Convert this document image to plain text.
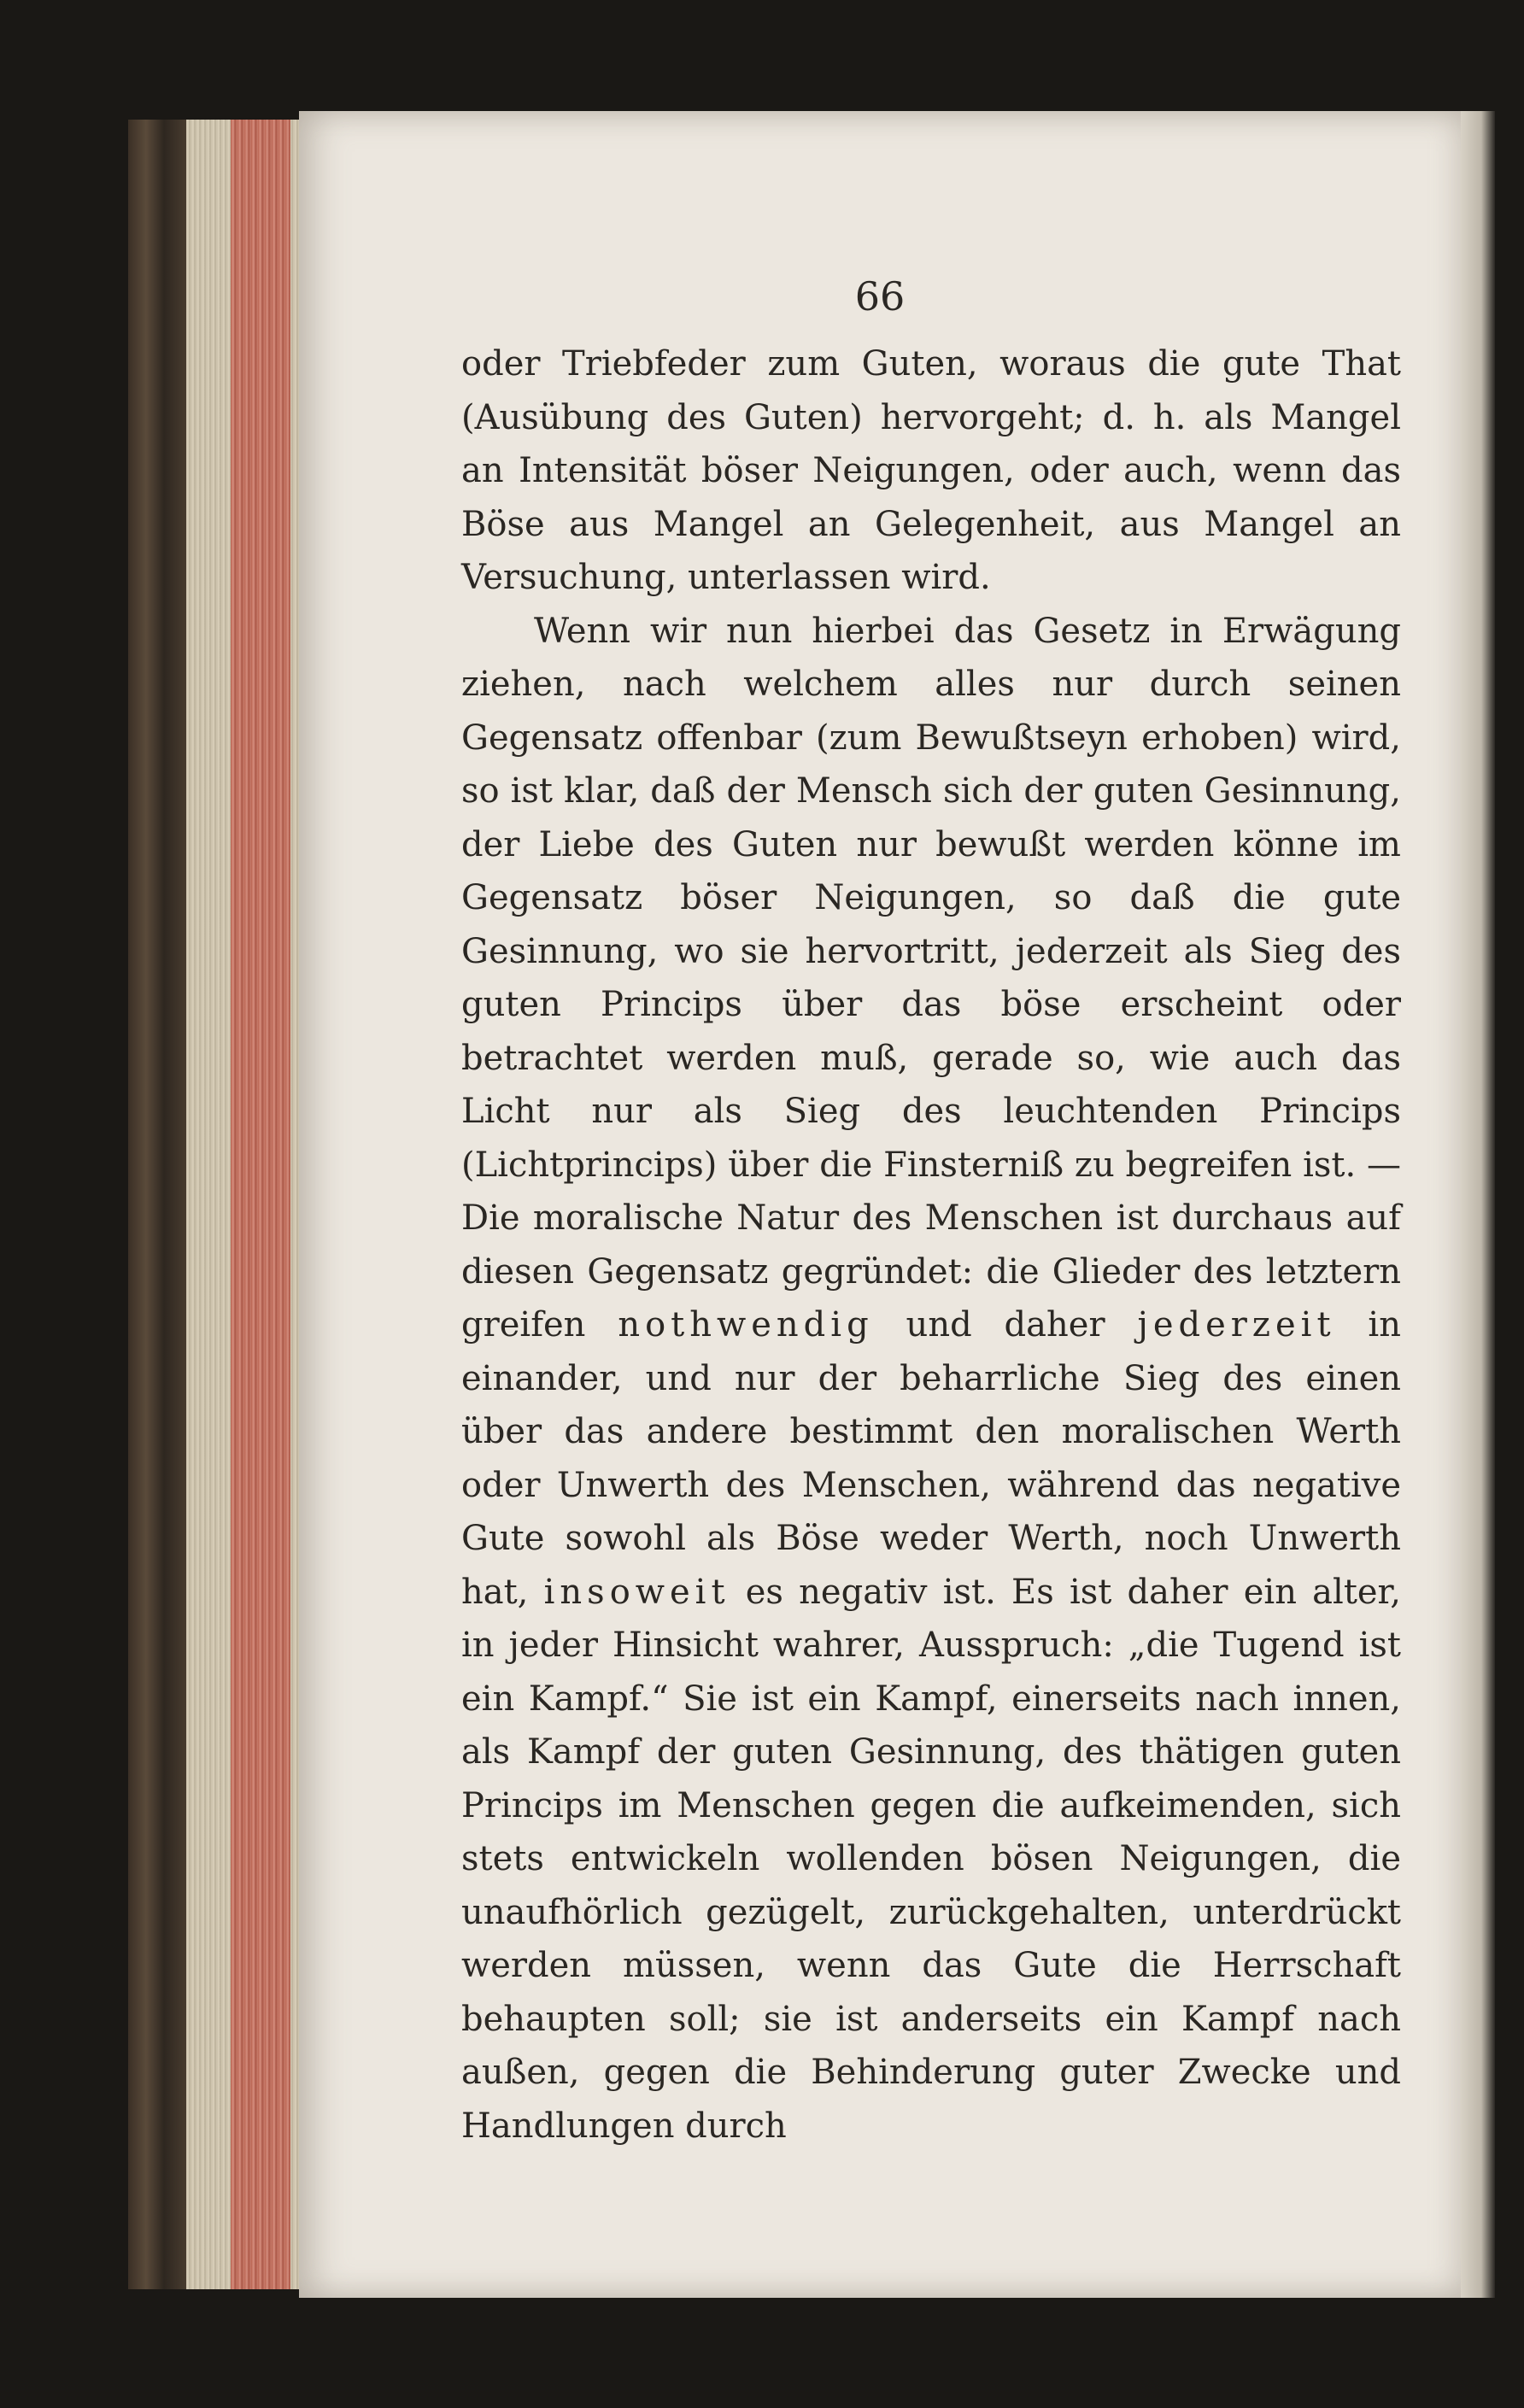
66

oder Triebfeder zum Guten, woraus die gute That (Ausübung des Guten) hervorgeht; d. h. als Mangel an Intensität böser Neigungen, oder auch, wenn das Böse aus Mangel an Gelegenheit, aus Mangel an Versuchung, unterlassen wird.

Wenn wir nun hierbei das Gesetz in Erwägung ziehen, nach welchem alles nur durch seinen Gegensatz offenbar (zum Bewußtseyn erhoben) wird, so ist klar, daß der Mensch sich der guten Gesinnung, der Liebe des Guten nur bewußt werden könne im Gegensatz böser Neigungen, so daß die gute Gesinnung, wo sie hervortritt, jederzeit als Sieg des guten Princips über das böse erscheint oder betrachtet werden muß, gerade so, wie auch das Licht nur als Sieg des leuchtenden Princips (Lichtprincips) über die Finsterniß zu begreifen ist. — Die moralische Natur des Menschen ist durchaus auf diesen Gegensatz gegründet: die Glieder des letztern greifen nothwendig und daher jederzeit in einander, und nur der beharrliche Sieg des einen über das andere bestimmt den moralischen Werth oder Unwerth des Menschen, während das negative Gute sowohl als Böse weder Werth, noch Unwerth hat, insoweit es negativ ist. Es ist daher ein alter, in jeder Hinsicht wahrer, Ausspruch: „die Tugend ist ein Kampf.“ Sie ist ein Kampf, einerseits nach innen, als Kampf der guten Gesinnung, des thätigen guten Princips im Menschen gegen die aufkeimenden, sich stets entwickeln wollenden bösen Neigungen, die unaufhörlich gezügelt, zurückgehalten, unterdrückt werden müssen, wenn das Gute die Herrschaft behaupten soll; sie ist anderseits ein Kampf nach außen, gegen die Behinderung guter Zwecke und Handlungen durch
